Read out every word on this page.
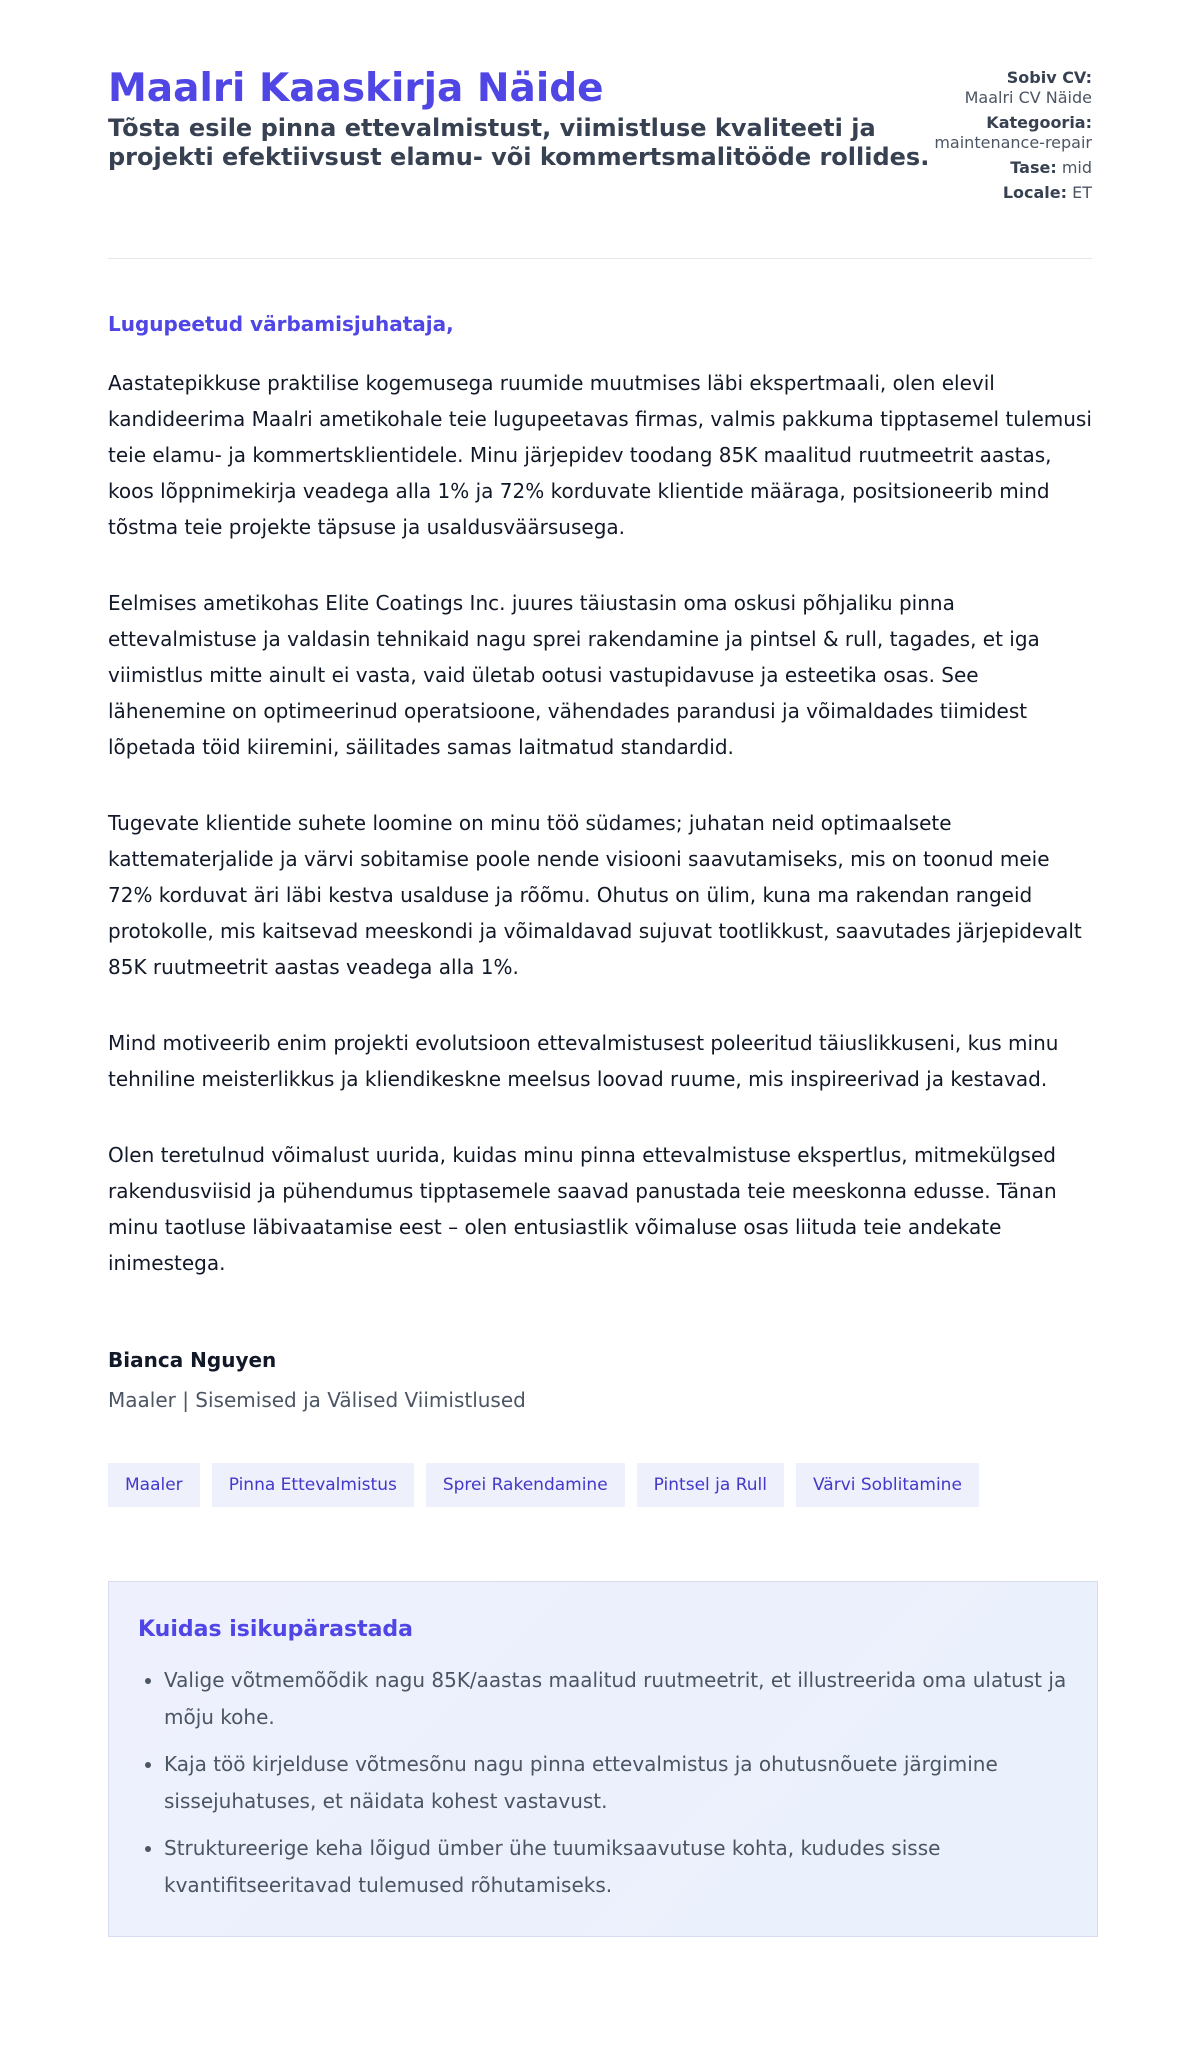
Maalri Kaaskirja Näide
Tõsta esile pinna ettevalmistust, viimistluse kvaliteeti ja projekti efektiivsust elamu- või kommertsmalitööde rollides.
Sobiv CV:
Maalri CV Näide
Kategooria:
maintenance-repair
Tase: mid
Locale: ET

Lugupeetud värbamisjuhataja,

Aastatepikkuse praktilise kogemusega ruumide muutmises läbi ekspertmaali, olen elevil kandideerima Maalri ametikohale teie lugupeetavas firmas, valmis pakkuma tipptasemel tulemusi teie elamu- ja kommertsklientidele. Minu järjepidev toodang 85K maalitud ruutmeetrit aastas, koos lõppnimekirja veadega alla 1% ja 72% korduvate klientide määraga, positsioneerib mind tõstma teie projekte täpsuse ja usaldusväärsusega.

Eelmises ametikohas Elite Coatings Inc. juures täiustasin oma oskusi põhjaliku pinna ettevalmistuse ja valdasin tehnikaid nagu sprei rakendamine ja pintsel & rull, tagades, et iga viimistlus mitte ainult ei vasta, vaid ületab ootusi vastupidavuse ja esteetika osas. See lähenemine on optimeerinud operatsioone, vähendades parandusi ja võimaldades tiimidest lõpetada töid kiiremini, säilitades samas laitmatud standardid.

Tugevate klientide suhete loomine on minu töö südames; juhatan neid optimaalsete kattematerjalide ja värvi sobitamise poole nende visiooni saavutamiseks, mis on toonud meie 72% korduvat äri läbi kestva usalduse ja rõõmu. Ohutus on ülim, kuna ma rakendan rangeid protokolle, mis kaitsevad meeskondi ja võimaldavad sujuvat tootlikkust, saavutades järjepidevalt 85K ruutmeetrit aastas veadega alla 1%.

Mind motiveerib enim projekti evolutsioon ettevalmistusest poleeritud täiuslikkuseni, kus minu tehniline meisterlikkus ja kliendikeskne meelsus loovad ruume, mis inspireerivad ja kestavad.

Olen teretulnud võimalust uurida, kuidas minu pinna ettevalmistuse ekspertlus, mitmekülgsed rakendusviisid ja pühendumus tipptasemele saavad panustada teie meeskonna edusse. Tänan minu taotluse läbivaatamise eest – olen entusiastlik võimaluse osas liituda teie andekate inimestega.

Bianca Nguyen

Maaler | Sisemised ja Välised Viimistlused

Maaler	Pinna Ettevalmistus	Sprei Rakendamine	Pintsel ja Rull	Värvi Soblitamine
Kuidas isikupärastada
• Valige võtmemõõdik nagu 85K/aastas maalitud ruutmeetrit, et illustreerida oma ulatust ja mõju kohe.
• Kaja töö kirjelduse võtmesõnu nagu pinna ettevalmistus ja ohutusnõuete järgimine sissejuhatuses, et näidata kohest vastavust.
• Struktureerige keha lõigud ümber ühe tuumiksaavutuse kohta, kududes sisse kvantifitseeritavad tulemused rõhutamiseks.
